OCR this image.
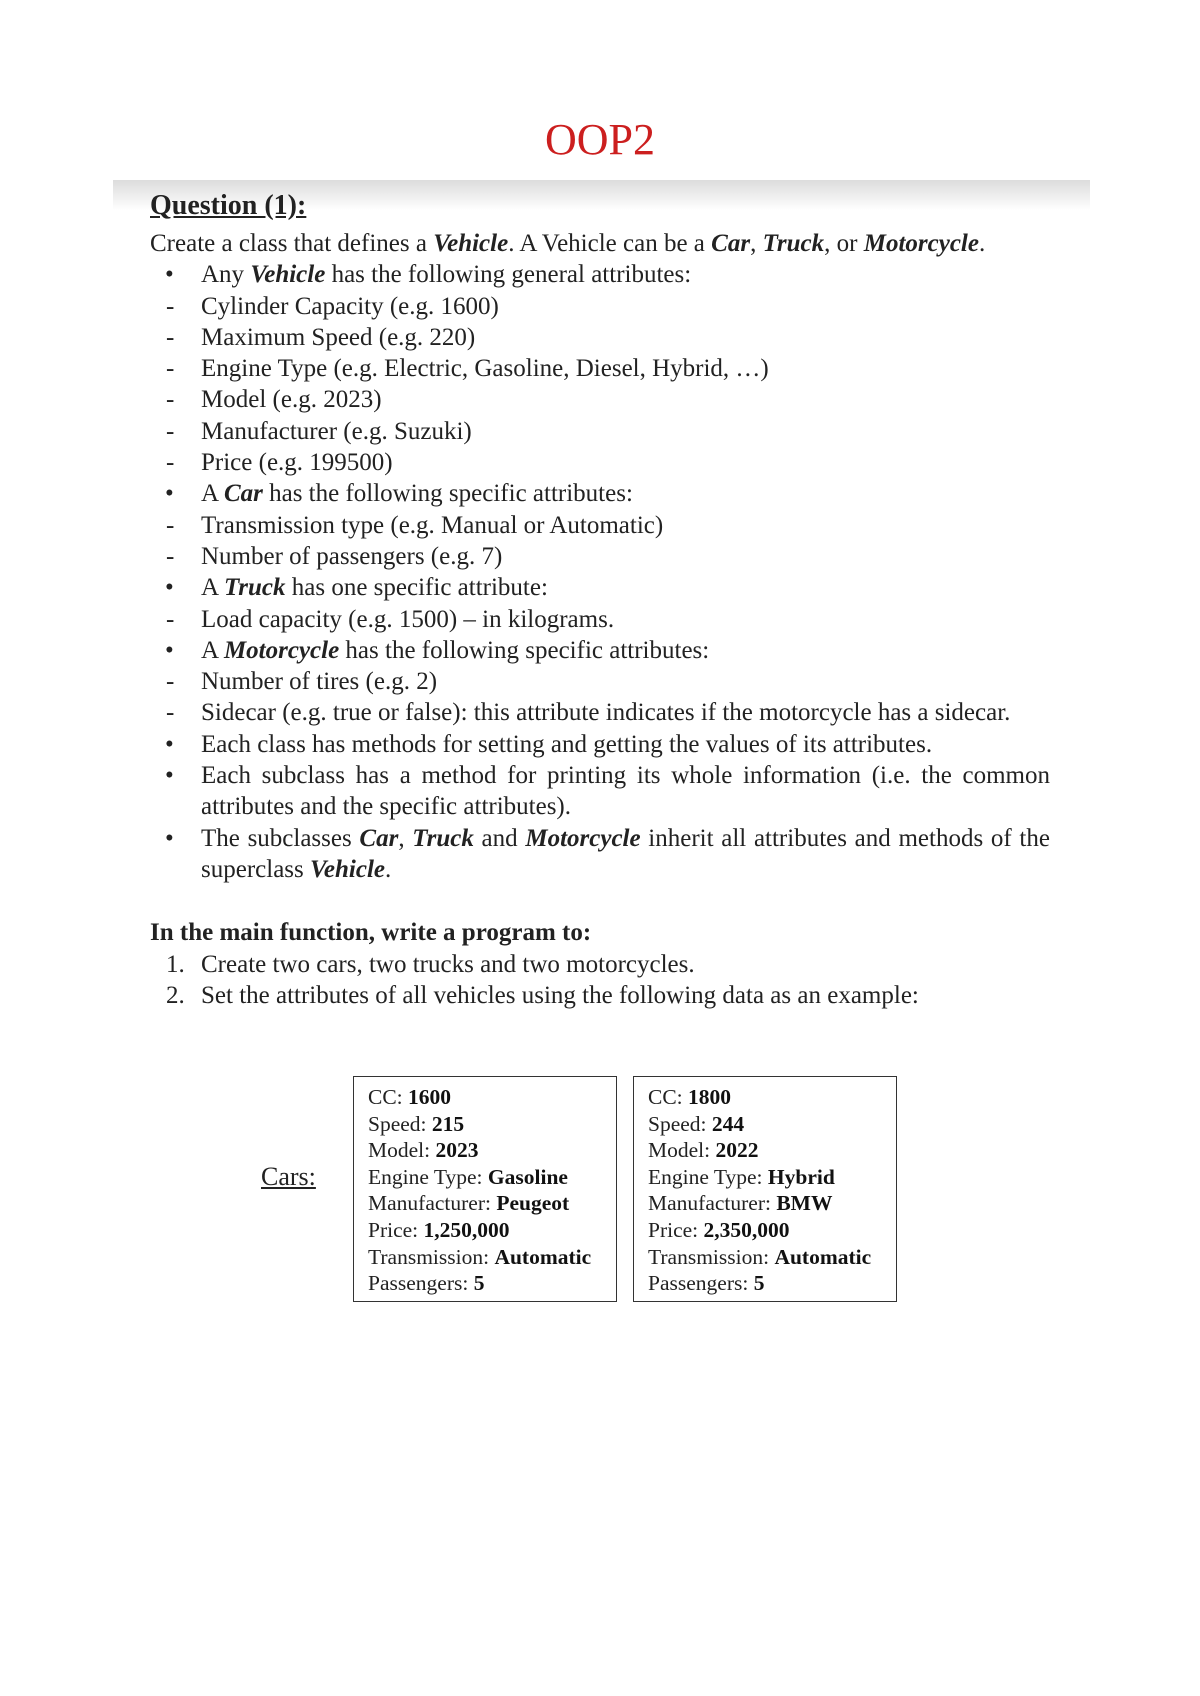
OOP2
Question (1):

Create a class that defines a Vehicle. A Vehicle can be a Car, Truck, or Motorcycle.

• Any Vehicle has the following general attributes:
- Cylinder Capacity (e.g. 1600)
- Maximum Speed (e.g. 220)
- Engine Type (e.g. Electric, Gasoline, Diesel, Hybrid, …)
- Model (e.g. 2023)
- Manufacturer (e.g. Suzuki)
- Price (e.g. 199500)
• A Car has the following specific attributes:
- Transmission type (e.g. Manual or Automatic)
- Number of passengers (e.g. 7)
• A Truck has one specific attribute:
- Load capacity (e.g. 1500) – in kilograms.
• A Motorcycle has the following specific attributes:
- Number of tires (e.g. 2)
- Sidecar (e.g. true or false): this attribute indicates if the motorcycle has a sidecar.
• Each class has methods for setting and getting the values of its attributes.
• Each subclass has a method for printing its whole information (i.e. the common attributes and the specific attributes).
• The subclasses Car, Truck and Motorcycle inherit all attributes and methods of the superclass Vehicle.
In the main function, write a program to:
1. Create two cars, two trucks and two motorcycles.
2. Set the attributes of all vehicles using the following data as an example:
Cars:
CC: 1600
Speed: 215
Model: 2023
Engine Type: Gasoline
Manufacturer: Peugeot
Price: 1,250,000
Transmission: Automatic
Passengers: 5
CC: 1800
Speed: 244
Model: 2022
Engine Type: Hybrid
Manufacturer: BMW
Price: 2,350,000
Transmission: Automatic
Passengers: 5
